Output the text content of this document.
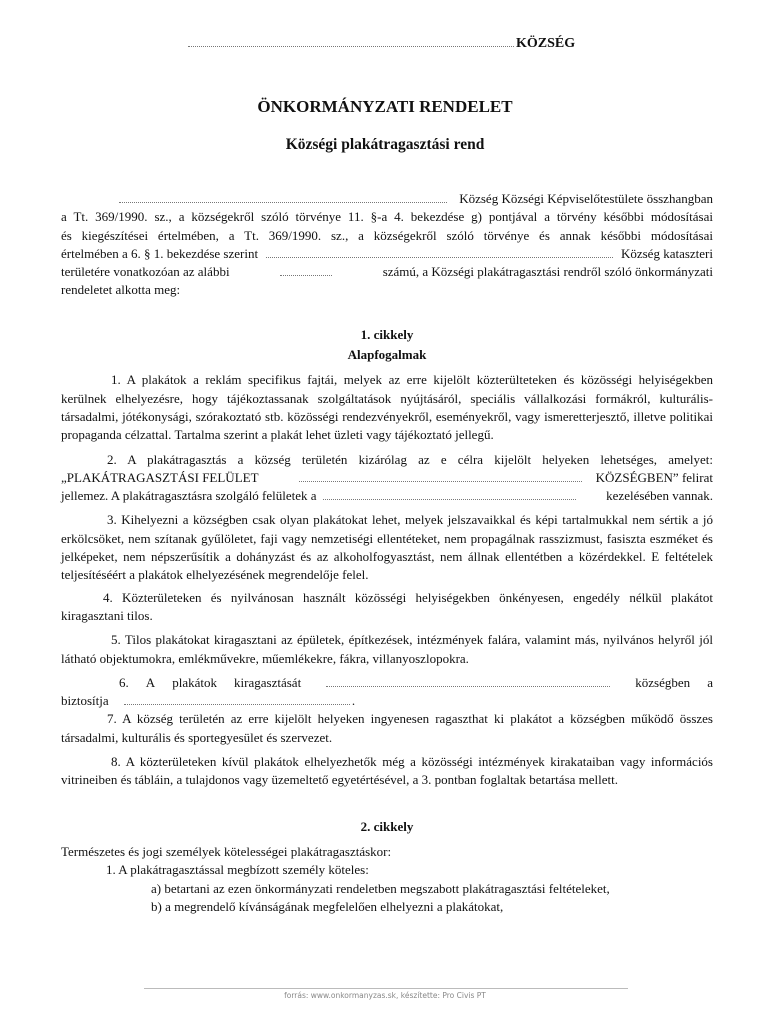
KÖZSÉG
ÖNKORMÁNYZATI RENDELET
Községi plakátragasztási rend
Község Községi Képviselőtestülete összhangban

a Tt. 369/1990. sz., a községekről szóló törvénye 11. §-a 4. bekezdése g) pontjával a törvény későbbi módosításai

és kiegészítései értelmében, a Tt. 369/1990. sz., a községekről szóló törvénye és annak későbbi módosításai

értelmében a 6. § 1. bekezdése szerint	Község kataszteri
területére vonatkozóan az alábbi	számú, a Községi plakátragasztási rendről szóló önkormányzati

rendeletet alkotta meg:

1. cikkely

Alapfogalmak

1. A plakátok a reklám specifikus fajtái, melyek az erre kijelölt közterülteteken és közösségi helyiségekben kerülnek elhelyezésre, hogy tájékoztassanak szolgáltatások nyújtásáról, speciális vállalkozási formákról, kulturális-társadalmi, jótékonysági, szórakoztató stb. közösségi rendezvényekről, eseményekről, vagy ismeretterjesztő, illetve politikai propaganda célzattal. Tartalma szerint a plakát lehet üzleti vagy tájékoztató jellegű.

2. A plakátragasztás a község területén kizárólag az e célra kijelölt helyeken lehetséges, amelyet:

„PLAKÁTRAGASZTÁSI FELÜLET	KÖZSÉGBEN” felirat
jellemez. A plakátragasztásra szolgáló felületek a	kezelésében vannak.

3. Kihelyezni a községben csak olyan plakátokat lehet, melyek jelszavaikkal és képi tartalmukkal nem sértik a jó erkölcsöket, nem szítanak gyűlöletet, faji vagy nemzetiségi ellentéteket, nem propagálnak rasszizmust, fasiszta eszméket és jelképeket, nem népszerűsítik a dohányzást és az alkoholfogyasztást, nem állnak ellentétben a közérdekkel. E feltételek teljesítéséért a plakátok elhelyezésének megrendelője felel.

4. Közterületeken és nyilvánosan használt közösségi helyiségekben önkényesen, engedély nélkül plakátot kiragasztani tilos.

5. Tilos plakátokat kiragasztani az épületek, építkezések, intézmények falára, valamint más, nyilvános helyről jól látható objektumokra, emlékművekre, műemlékekre, fákra, villanyoszlopokra.

6. A plakátok kiragasztását	községben a
biztosítja	.

7. A község területén az erre kijelölt helyeken ingyenesen ragaszthat ki plakátot a községben működő összes társadalmi, kulturális és sportegyesület és szervezet.

8. A közterületeken kívül plakátok elhelyezhetők még a közösségi intézmények kirakataiban vagy információs vitrineiben és tábláin, a tulajdonos vagy üzemeltető egyetértésével, a 3. pontban foglaltak betartása mellett.

2. cikkely

Természetes és jogi személyek kötelességei plakátragasztáskor:

1. A plakátragasztással megbízott személy köteles:

a) betartani az ezen önkormányzati rendeletben megszabott plakátragasztási feltételeket,

b) a megrendelő kívánságának megfelelően elhelyezni a plakátokat,

forrás: www.onkormanyzas.sk, készítette: Pro Civis PT
